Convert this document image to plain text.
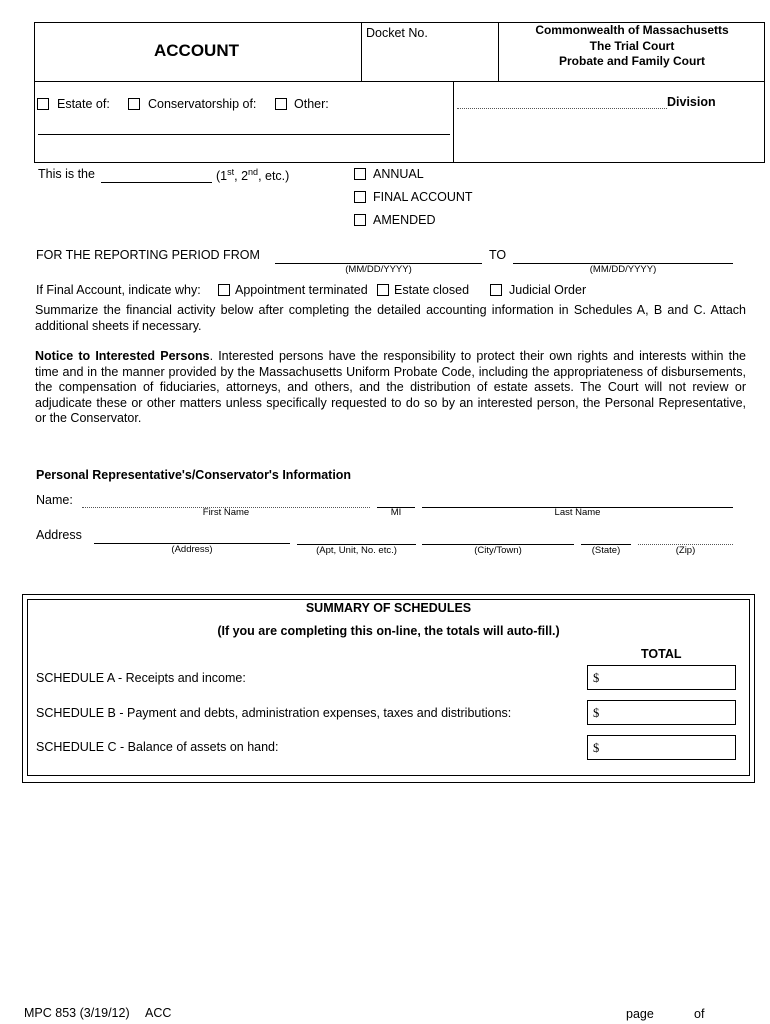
ACCOUNT
Docket No.	Commonwealth of Massachusetts
The Trial Court
Probate and Family Court
Estate of:	Conservatorship of:	Other:	Division
This is the	(1st, 2nd, etc.)	ANNUAL
FINAL ACCOUNT
AMENDED
FOR THE REPORTING PERIOD FROM
(MM/DD/YYYY)
TO
(MM/DD/YYYY)
If Final Account, indicate why:	Appointment terminated Estate closed	Judicial Order
Summarize the financial activity below after completing the detailed accounting information in Schedules A, B and C. Attach
additional sheets if necessary.
Notice to Interested Persons. Interested persons have the responsibility to protect their own rights and interests within the
time and in the manner provided by the Massachusetts Uniform Probate Code, including the appropriateness of disbursements,
the compensation of fiduciaries, attorneys, and others, and the distribution of estate assets. The Court will not review or
adjudicate these or other matters unless specifically requested to do so by an interested person, the Personal Representative,
or the Conservator.
Personal Representative's/Conservator's Information
Name:
First Name	MI	Last Name
Address
(Address)	(Apt, Unit, No. etc.)	(City/Town)	(State)	(Zip)
SUMMARY OF SCHEDULES
(If you are completing this on-line, the totals will auto-fill.)
TOTAL
SCHEDULE A - Receipts and income:	$
SCHEDULE B - Payment and debts, administration expenses, taxes and distributions:	$
SCHEDULE C - Balance of assets on hand:	$
MPC 853 (3/19/12) ACC	page	of
